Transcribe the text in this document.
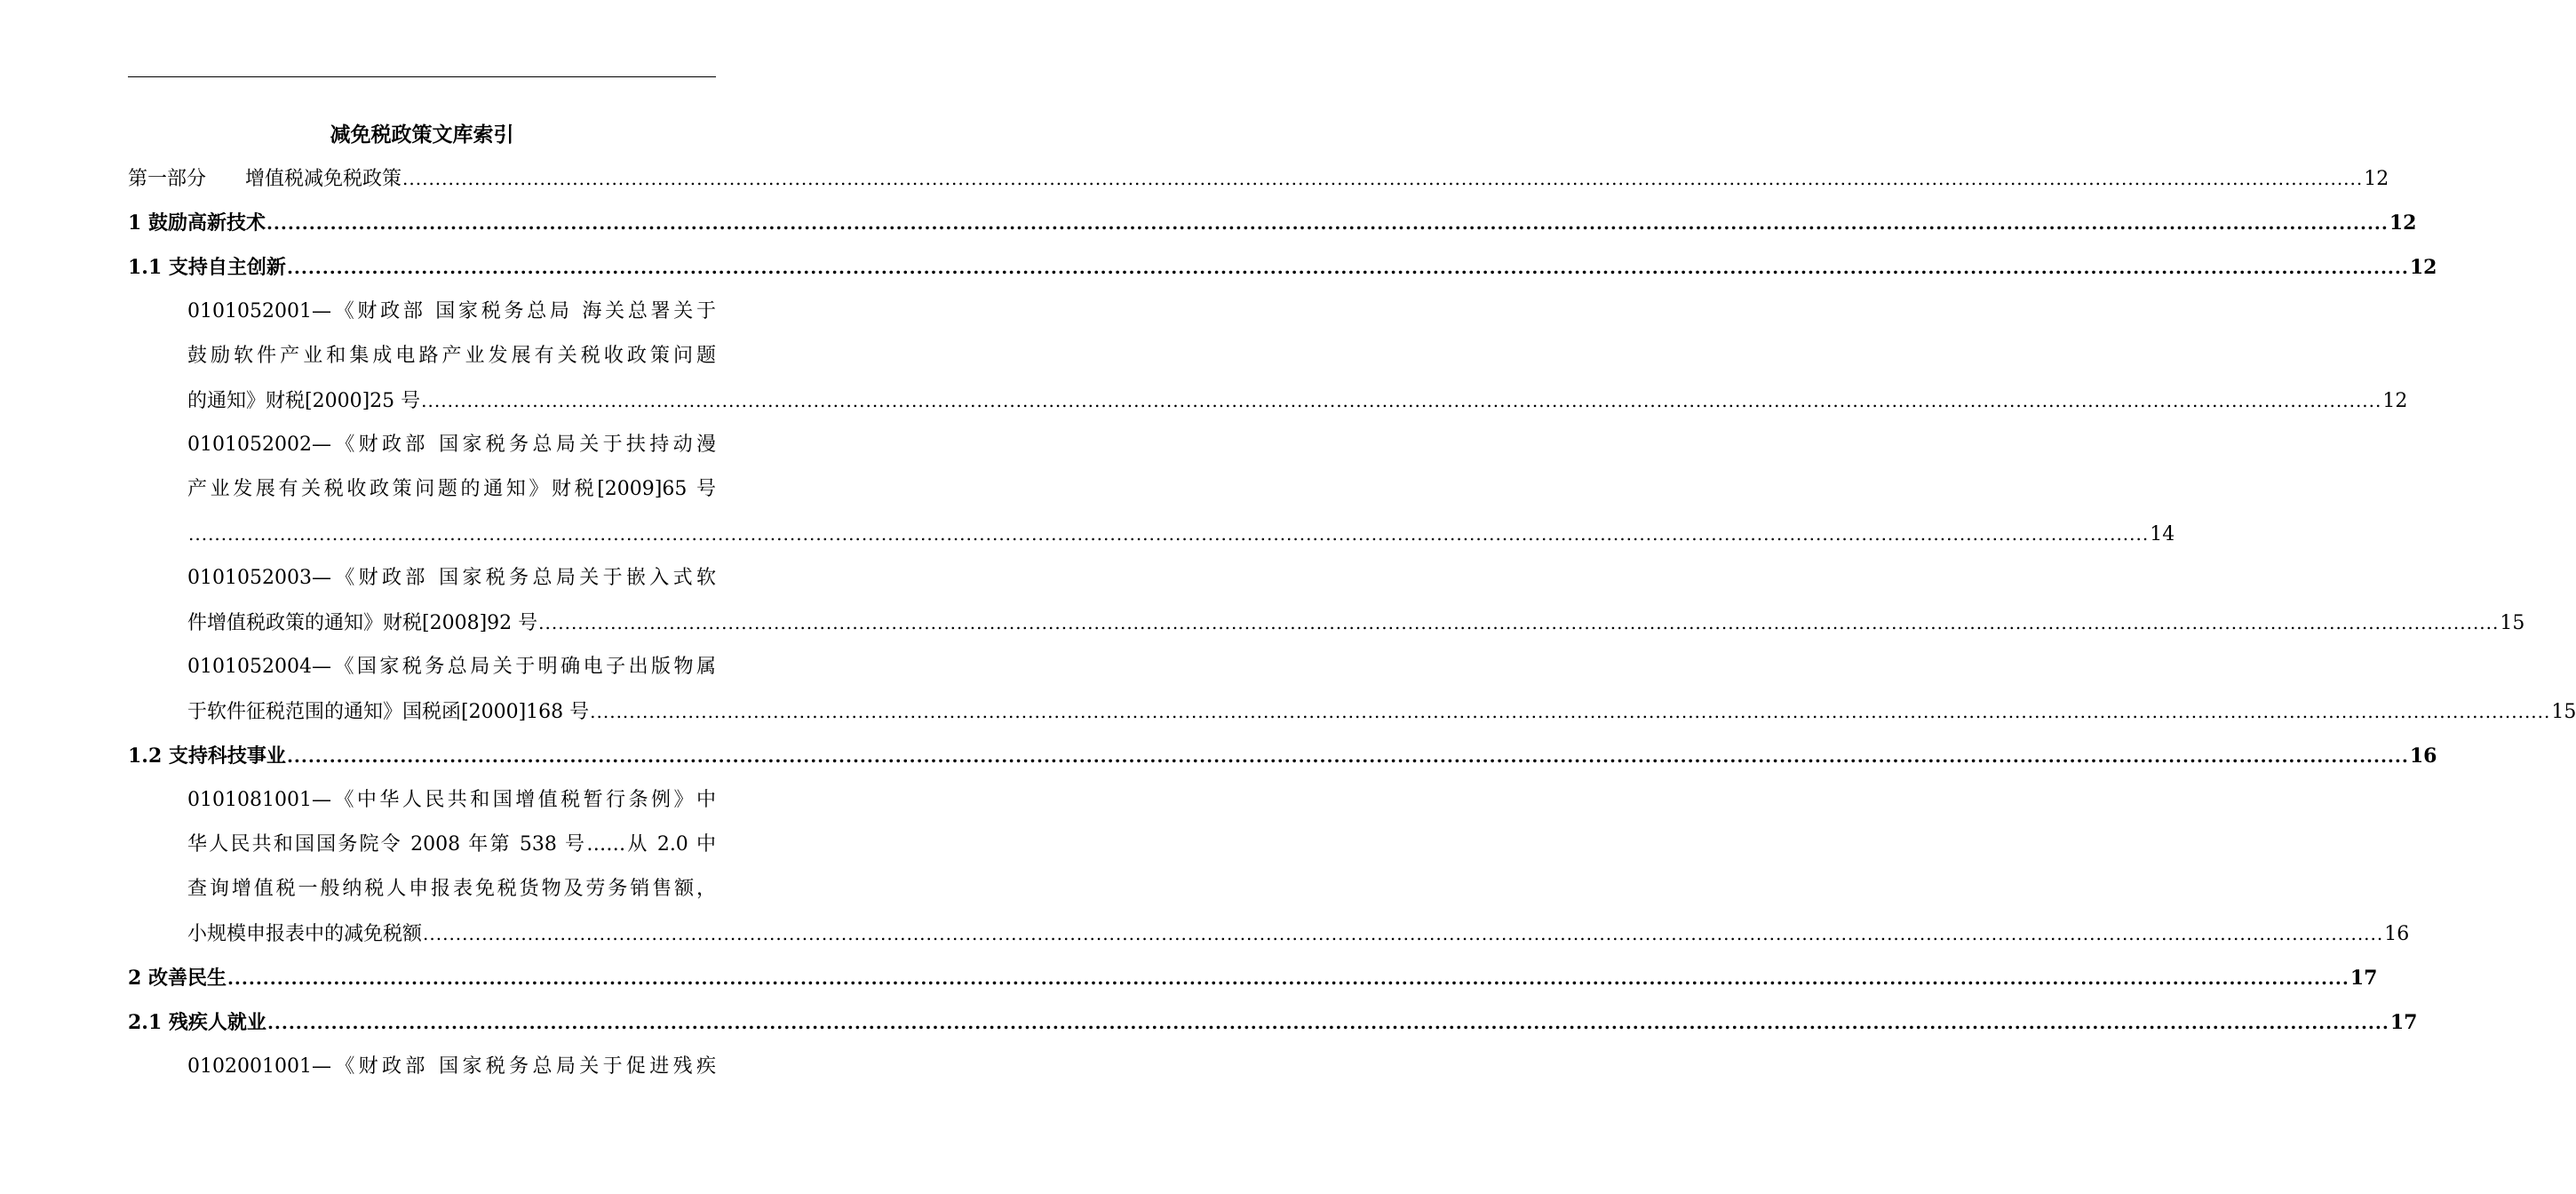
减免税政策文库索引
第一部分　　增值税减免税政策 ............................................................................................................................................................................................................................................................................................................ 12
1 鼓励高新技术 ............................................................................................................................................................................................................................................................................................................ 12
1.1 支持自主创新 ............................................................................................................................................................................................................................................................................................................ 12
0101052001—《财政部 国家税务总局 海关总署关于
鼓励软件产业和集成电路产业发展有关税收政策问题
的通知》财税[2000]25 号 ............................................................................................................................................................................................................................................................................................................ 12
0101052002—《财政部 国家税务总局关于扶持动漫
产业发展有关税收政策问题的通知》财税[2009]65 号
............................................................................................................................................................................................................................................................................................................ 14
0101052003—《财政部 国家税务总局关于嵌入式软
件增值税政策的通知》财税[2008]92 号 ............................................................................................................................................................................................................................................................................................................ 15
0101052004—《国家税务总局关于明确电子出版物属
于软件征税范围的通知》国税函[2000]168 号 ............................................................................................................................................................................................................................................................................................................ 15
1.2 支持科技事业 ............................................................................................................................................................................................................................................................................................................ 16
0101081001—《中华人民共和国增值税暂行条例》中
华人民共和国国务院令 2008 年第 538 号……从 2.0 中
查询增值税一般纳税人申报表免税货物及劳务销售额，
小规模申报表中的减免税额 ............................................................................................................................................................................................................................................................................................................ 16
2 改善民生 ............................................................................................................................................................................................................................................................................................................ 17
2.1 残疾人就业 ............................................................................................................................................................................................................................................................................................................ 17
0102001001—《财政部 国家税务总局关于促进残疾
